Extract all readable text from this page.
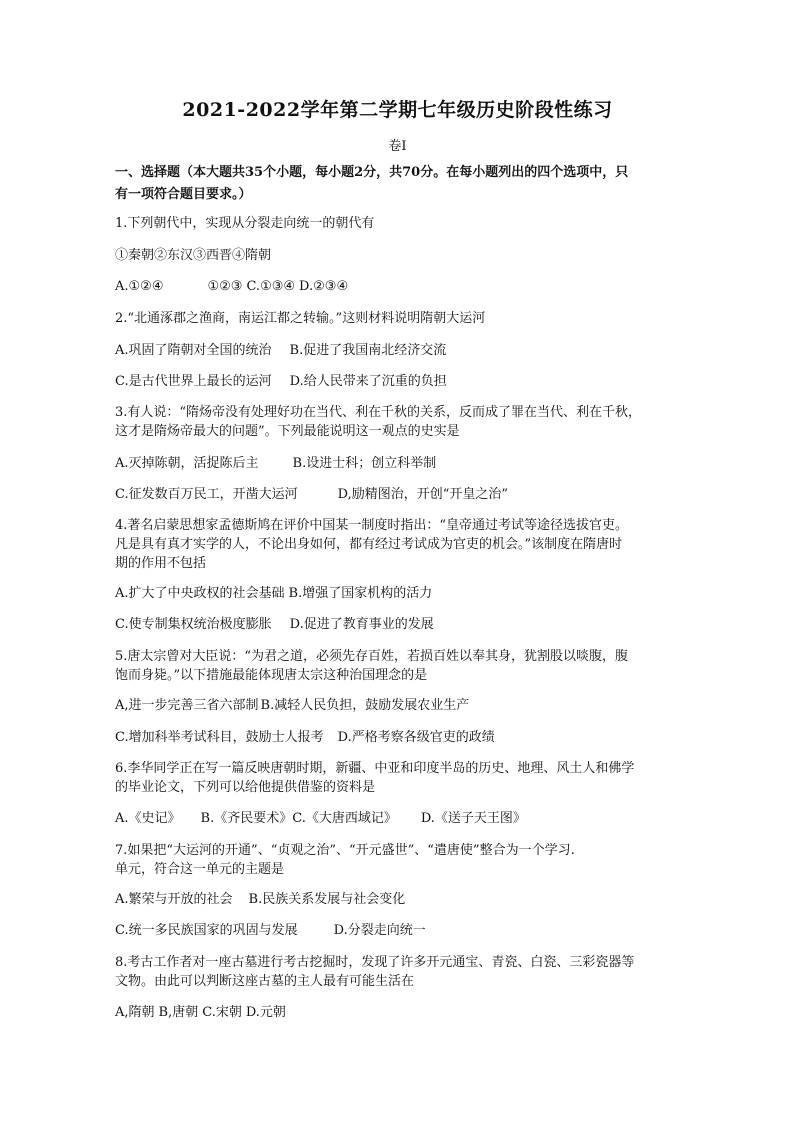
2021-2022学年第二学期七年级历史阶段性练习
卷I
一、选择题（本大题共35个小题，每小题2分，共70分。在每小题列出的四个选项中，只
有一项符合题目要求。）
1.下列朝代中，实现从分裂走向统一的朝代有
①秦朝②东汉③西晋④隋朝
A.①②④	①②③ C.①③④ D.②③④
2.“北通涿郡之渔商，南运江都之转输。”这则材料说明隋朝大运河
A.巩固了隋朝对全国的统治 B.促进了我国南北经济交流
C.是古代世界上最长的运河 D.给人民带来了沉重的负担
3.有人说：“隋炀帝没有处理好功在当代、利在千秋的关系，反而成了罪在当代、利在千秋，
这才是隋炀帝最大的问题”。下列最能说明这一观点的史实是
A.灭掉陈朝，活捉陈后主	B.设进士科；创立科举制
C.征发数百万民工，开凿大运河	D,励精图治，开创“开皇之治”
4.著名启蒙思想家孟德斯鸠在评价中国某一制度时指出：“皇帝通过考试等途径选拔官吏。
凡是具有真才实学的人，不论出身如何，都有经过考试成为官吏的机会。”该制度在隋唐时
期的作用不包括
A.扩大了中央政权的社会基础 B.增强了国家机构的活力
C.使专制集权统治极度膨胀 D.促进了教育事业的发展
5.唐太宗曾对大臣说：“为君之道，必须先存百姓，若损百姓以奉其身，犹割股以啖腹，腹
饱而身毙。”以下措施最能体现唐太宗这种治国理念的是
A,进一步完善三省六部制 B.减轻人民负担，鼓励发展农业生产
C.增加科举考试科目，鼓励士人报考 D.严格考察各级官吏的政绩
6.李华同学正在写一篇反映唐朝时期，新疆、中亚和印度半岛的历史、地理、风土人和佛学
的毕业论文，下列可以给他提供借鉴的资料是
A.《史记》 B.《齐民要术》C.《大唐西域记》 D.《送子天王图》
7.如果把“大运河的开通”、“贞观之治”、“开元盛世”、“遣唐使”整合为一个学习.
单元，符合这一单元的主题是
A.繁荣与开放的社会 B.民族关系发展与社会变化
C.统一多民族国家的巩固与发展	D.分裂走向统一
8.考古工作者对一座古墓进行考古挖掘时，发现了许多开元通宝、青瓷、白瓷、三彩瓷器等
文物。由此可以判断这座古墓的主人最有可能生活在
A,隋朝 B,唐朝 C.宋朝 D.元朝
